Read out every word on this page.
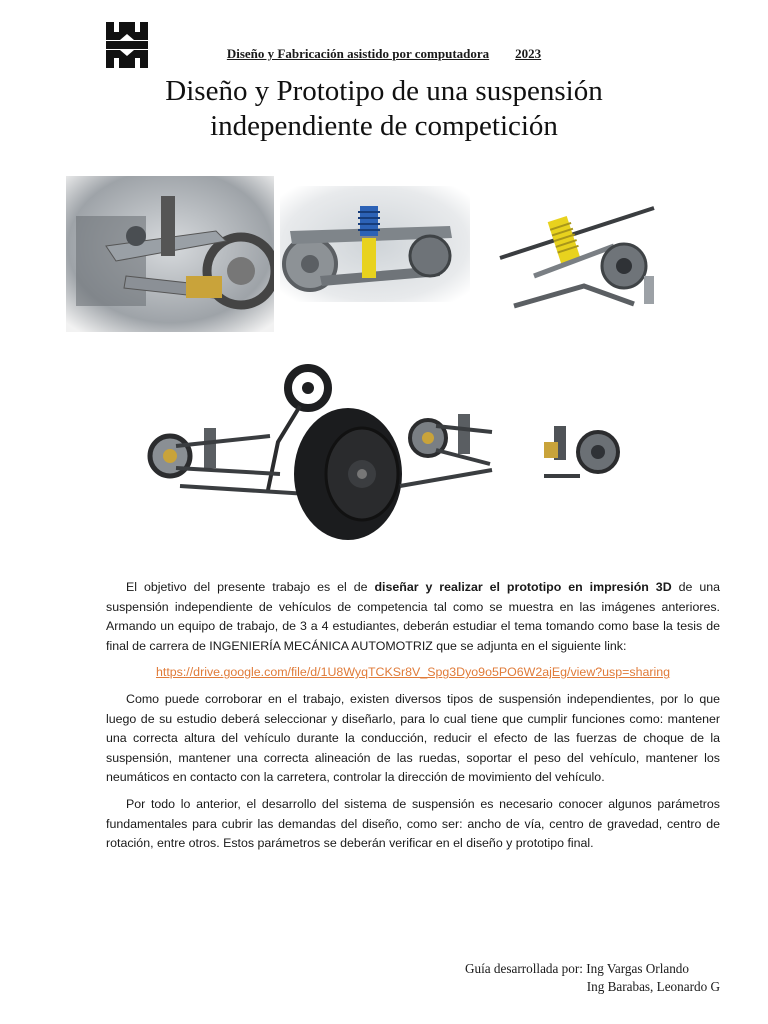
Diseño y Fabricación asistido por computadora 2023
Diseño y Prototipo de una suspensión
independiente de competición

El objetivo del presente trabajo es el de diseñar y realizar el prototipo en impresión 3D de una suspensión independiente de vehículos de competencia tal como se muestra en las imágenes anteriores. Armando un equipo de trabajo, de 3 a 4 estudiantes, deberán estudiar el tema tomando como base la tesis de final de carrera de INGENIERÍA MECÁNICA AUTOMOTRIZ que se adjunta en el siguiente link:

https://drive.google.com/file/d/1U8WyqTCKSr8V_Spg3Dyo9o5PO6W2ajEg/view?usp=sharing

Como puede corroborar en el trabajo, existen diversos tipos de suspensión independientes, por lo que luego de su estudio deberá seleccionar y diseñarlo, para lo cual tiene que cumplir funciones como: mantener una correcta altura del vehículo durante la conducción, reducir el efecto de las fuerzas de choque de la suspensión, mantener una correcta alineación de las ruedas, soportar el peso del vehículo, mantener los neumáticos en contacto con la carretera, controlar la dirección de movimiento del vehículo.

Por todo lo anterior, el desarrollo del sistema de suspensión es necesario conocer algunos parámetros fundamentales para cubrir las demandas del diseño, como ser: ancho de vía, centro de gravedad, centro de rotación, entre otros. Estos parámetros se deberán verificar en el diseño y prototipo final.

Guía desarrollada por: Ing Vargas Orlando
Ing Barabas, Leonardo G
